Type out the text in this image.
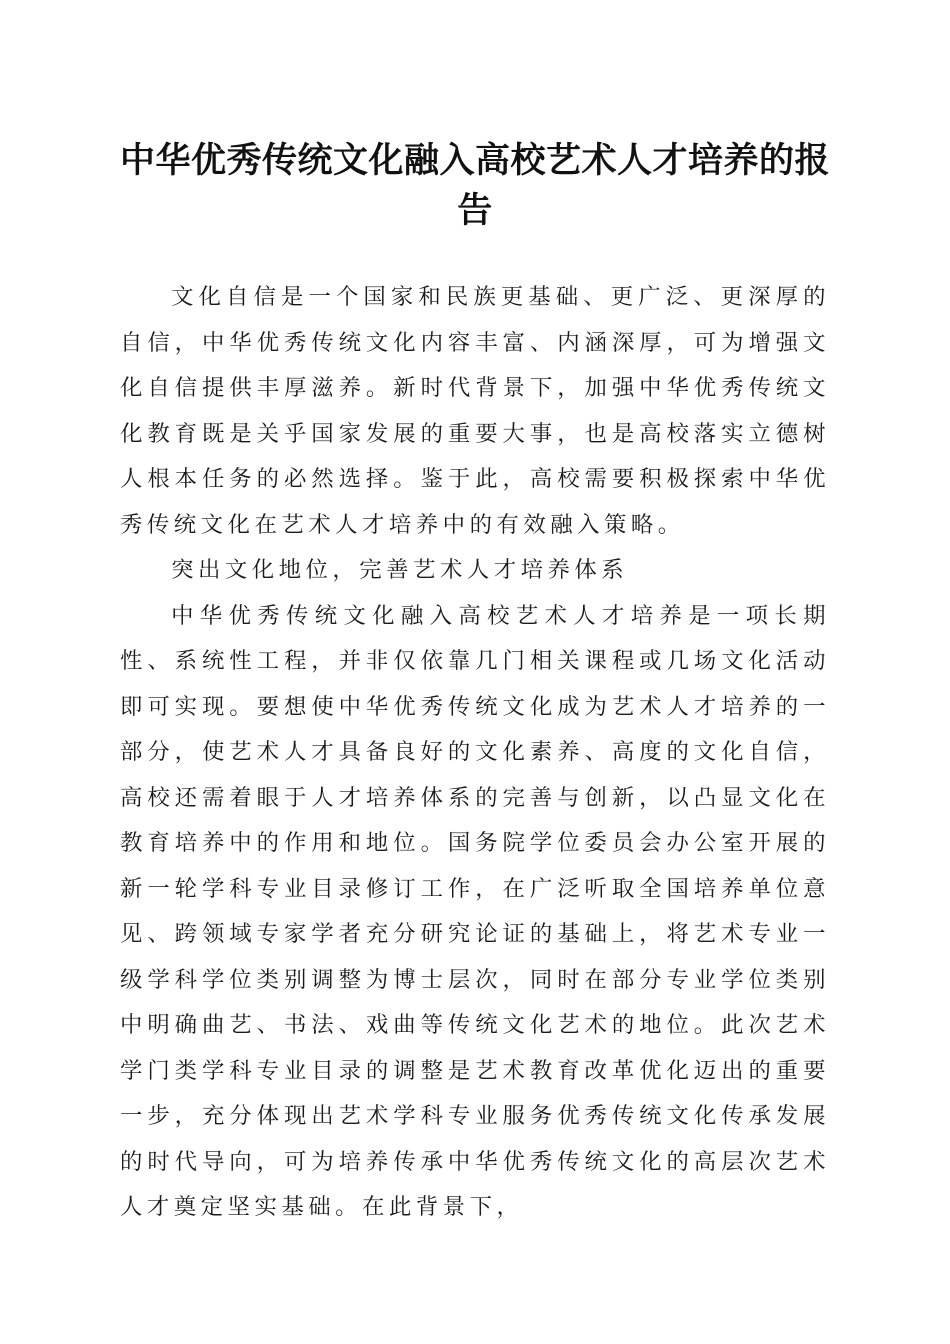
中华优秀传统文化融入高校艺术人才培养的报告

文化自信是一个国家和民族更基础、更广泛、更深厚的自信，中华优秀传统文化内容丰富、内涵深厚，可为增强文化自信提供丰厚滋养。新时代背景下，加强中华优秀传统文化教育既是关乎国家发展的重要大事，也是高校落实立德树人根本任务的必然选择。鉴于此，高校需要积极探索中华优秀传统文化在艺术人才培养中的有效融入策略。

突出文化地位，完善艺术人才培养体系

中华优秀传统文化融入高校艺术人才培养是一项长期性、系统性工程，并非仅依靠几门相关课程或几场文化活动即可实现。要想使中华优秀传统文化成为艺术人才培养的一部分，使艺术人才具备良好的文化素养、高度的文化自信，高校还需着眼于人才培养体系的完善与创新，以凸显文化在教育培养中的作用和地位。国务院学位委员会办公室开展的新一轮学科专业目录修订工作，在广泛听取全国培养单位意见、跨领域专家学者充分研究论证的基础上，将艺术专业一级学科学位类别调整为博士层次，同时在部分专业学位类别中明确曲艺、书法、戏曲等传统文化艺术的地位。此次艺术学门类学科专业目录的调整是艺术教育改革优化迈出的重要一步，充分体现出艺术学科专业服务优秀传统文化传承发展的时代导向，可为培养传承中华优秀传统文化的高层次艺术人才奠定坚实基础。在此背景下，
